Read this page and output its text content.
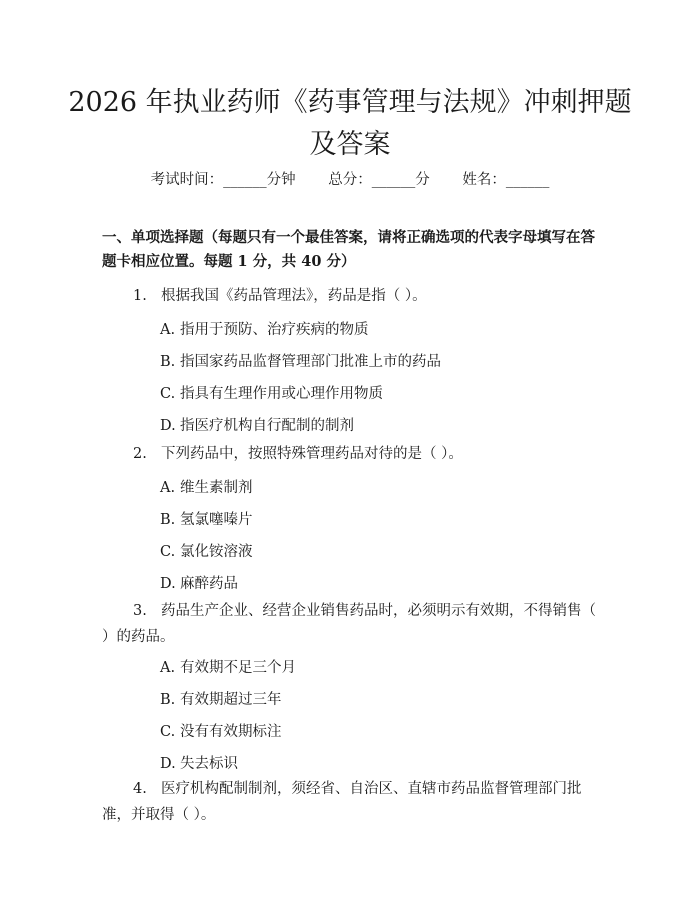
2026 年执业药师《药事管理与法规》冲刺押题及答案
考试时间：______分钟 总分：______分 姓名：______

一、单项选择题（每题只有一个最佳答案，请将正确选项的代表字母填写在答题卡相应位置。每题 1 分，共 40 分）

1. 根据我国《药品管理法》，药品是指（ ）。
A. 指用于预防、治疗疾病的物质
B. 指国家药品监督管理部门批准上市的药品
C. 指具有生理作用或心理作用物质
D. 指医疗机构自行配制的制剂
2. 下列药品中，按照特殊管理药品对待的是（ ）。
A. 维生素制剂
B. 氢氯噻嗪片
C. 氯化铵溶液
D. 麻醉药品
3. 药品生产企业、经营企业销售药品时，必须明示有效期，不得销售（ ）的药品。
A. 有效期不足三个月
B. 有效期超过三年
C. 没有有效期标注
D. 失去标识
4. 医疗机构配制制剂，须经省、自治区、直辖市药品监督管理部门批准，并取得（ ）。
